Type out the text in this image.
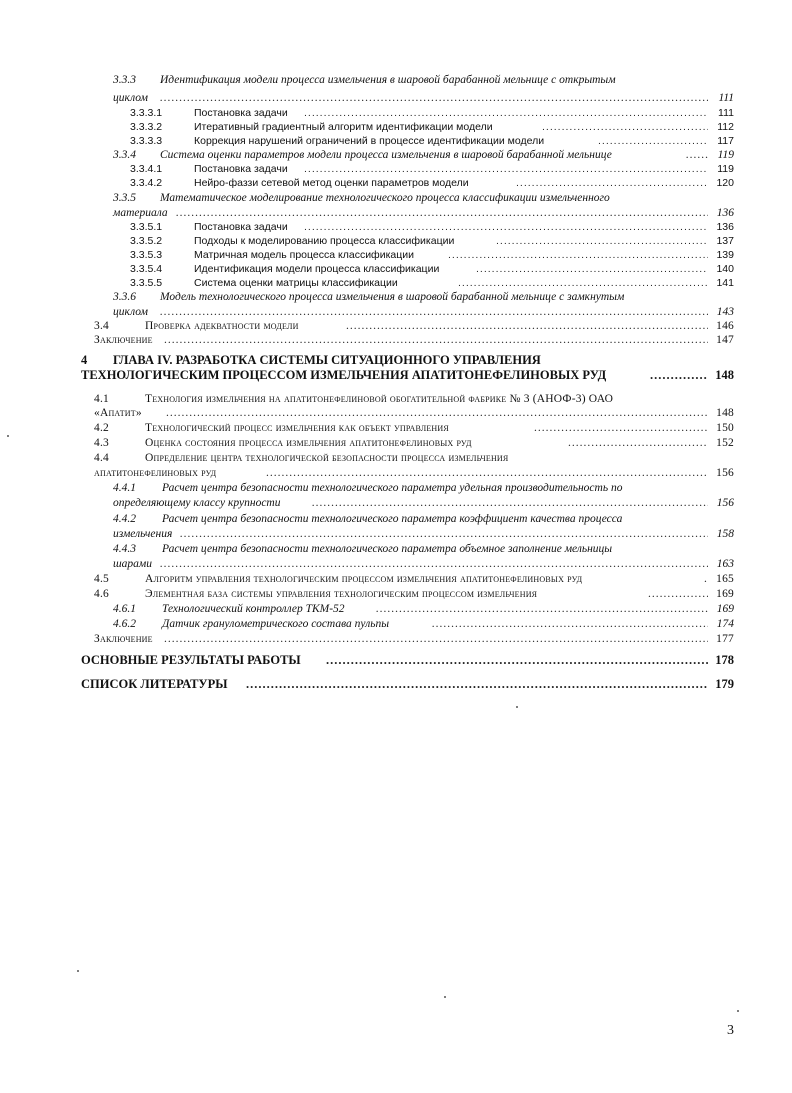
3.3.3 Идентификация модели процесса измельчения в шаровой барабанной мельнице с открытым
циклом .....	111
3.3.3.1	Постановка задачи .....	111
3.3.3.2	Итеративный градиентный алгоритм идентификации модели .....	112
3.3.3.3	Коррекция нарушений ограничений в процессе идентификации модели .....	117
3.3.4 Система оценки параметров модели процесса измельчения в шаровой барабанной мельнице .....	119
3.3.4.1	Постановка задачи .....	119
3.3.4.2	Нейро-фаззи сетевой метод оценки параметров модели .....	120
3.3.5 Математическое моделирование технологического процесса классификации измельченного
материала .....	136
3.3.5.1	Постановка задачи .....	136
3.3.5.2	Подходы к моделированию процесса классификации .....	137
3.3.5.3	Матричная модель процесса классификации .....	139
3.3.5.4	Идентификация модели процесса классификации .....	140
3.3.5.5	Система оценки матрицы классификации .....	141
3.3.6 Модель технологического процесса измельчения в шаровой барабанной мельнице с замкнутым
циклом .....	143
3.4	Проверка адекватности модели .....	146
Заключение .....	147
4 ГЛАВА IV. РАЗРАБОТКА СИСТЕМЫ СИТУАЦИОННОГО УПРАВЛЕНИЯ
ТЕХНОЛОГИЧЕСКИМ ПРОЦЕССОМ ИЗМЕЛЬЧЕНИЯ АПАТИТОНЕФЕЛИНОВЫХ РУД .....	148
4.1	Технология измельчения на апатитонефелиновой обогатительной фабрике № 3 (АНОФ-3) ОАО
«Апатит» .....	148
4.2	Технологический процесс измельчения как объект управления .....	150
4.3	Оценка состояния процесса измельчения апатитонефелиновых руд .....	152
4.4	Определение центра технологической безопасности процесса измельчения
апатитонефелиновых руд .....	156
4.4.1 Расчет центра безопасности технологического параметра удельная производительность по
определяющему классу крупности .....	156
4.4.2 Расчет центра безопасности технологического параметра коэффициент качества процесса
измельчения .....	158
4.4.3 Расчет центра безопасности технологического параметра объемное заполнение мельницы
шарами .....	163
4.5	Алгоритм управления технологическим процессом измельчения апатитонефелиновых руд .....	165
4.6	Элементная база системы управления технологическим процессом измельчения .....	169
4.6.1 Технологический контроллер ТКМ-52 .....	169
4.6.2 Датчик гранулометрического состава пульпы .....	174
Заключение .....	177
ОСНОВНЫЕ РЕЗУЛЬТАТЫ РАБОТЫ .....	178
СПИСОК ЛИТЕРАТУРЫ .....	179
3
